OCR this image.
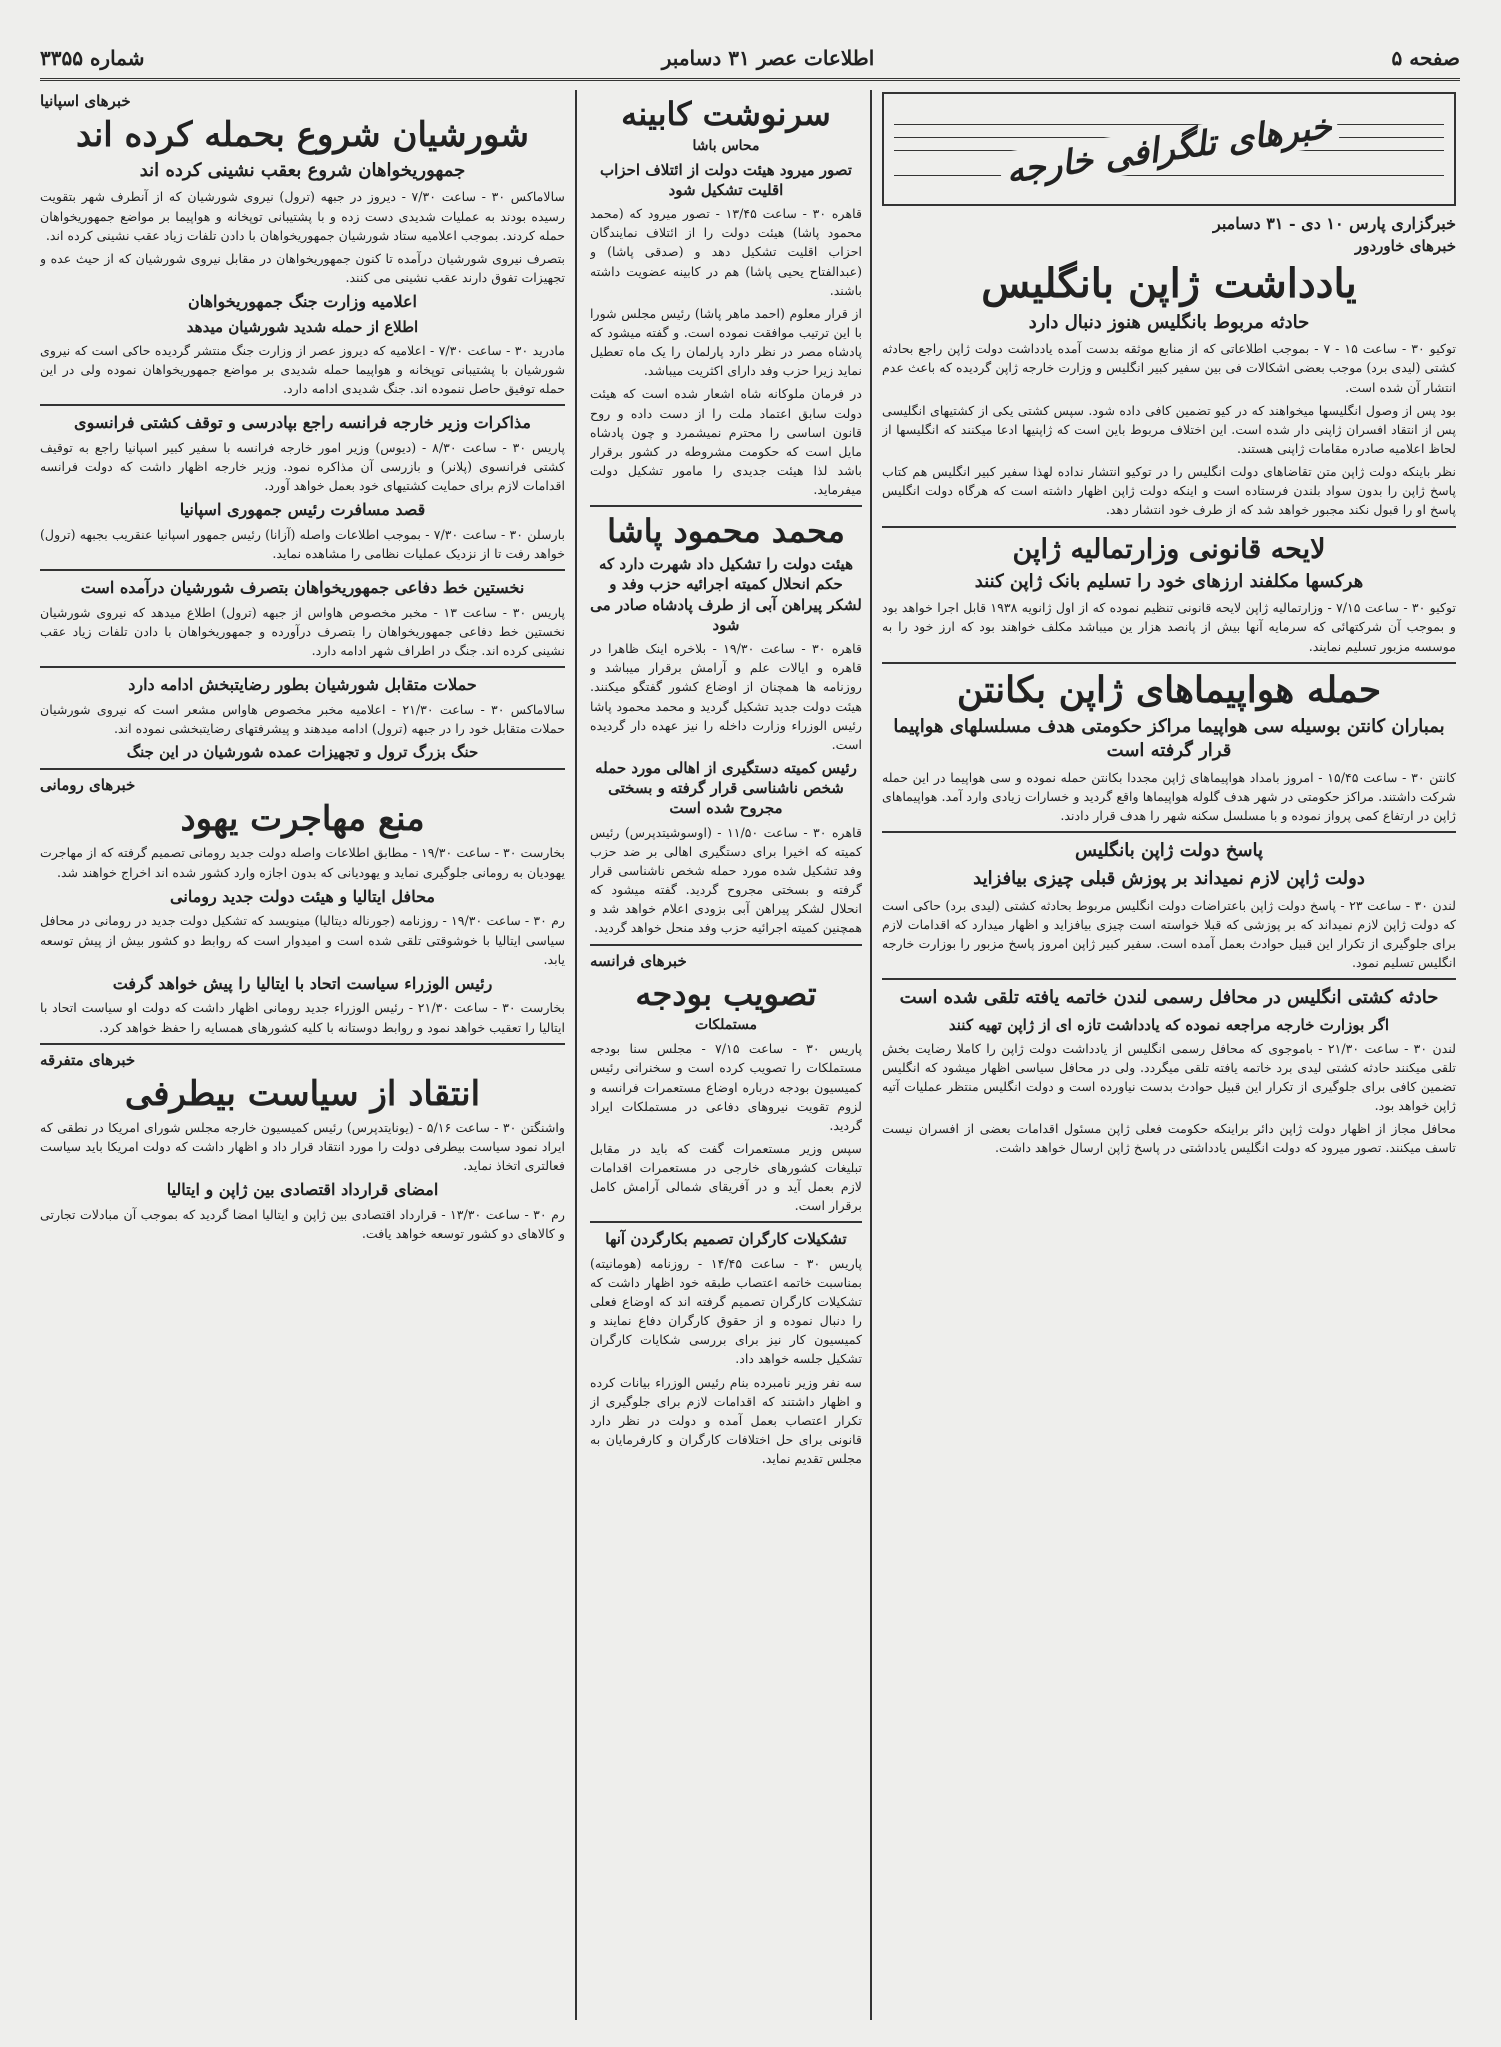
صفحه ۵
اطلاعات عصر ۳۱ دسامبر
شماره ۳۳۵۵
خبرهای تلگرافی خارجه
خبرگزاری پارس ۱۰ دی - ۳۱ دسامبر
خبرهای خاوردور
یادداشت ژاپن بانگلیس
حادثه مربوط بانگلیس هنوز دنبال دارد

توکیو ۳۰ - ساعت ۱۵ - ۷ - بموجب اطلاعاتی که از منابع موثقه بدست آمده یادداشت دولت ژاپن راجع بحادثه کشتی (لیدی برد) موجب بعضی اشکالات فی بین سفیر کبیر انگلیس و وزارت خارجه ژاپن گردیده که باعث عدم انتشار آن شده است.

بود پس از وصول انگلیسها میخواهند که در کیو تضمین کافی داده شود. سپس کشتی یکی از کشتیهای انگلیسی پس از انتقاد افسران ژاپنی دار شده است. این اختلاف مربوط باین است که ژاپنیها ادعا میکنند که انگلیسها از لحاظ اعلامیه صادره مقامات ژاپنی هستند.

نظر باینکه دولت ژاپن متن تقاضاهای دولت انگلیس را در توکیو انتشار نداده لهذا سفیر کبیر انگلیس هم کتاب پاسخ ژاپن را بدون سواد بلندن فرستاده است و اینکه دولت ژاپن اظهار داشته است که هرگاه دولت انگلیس پاسخ او را قبول نکند مجبور خواهد شد که از طرف خود انتشار دهد.

لایحه قانونی وزارتمالیه ژاپن
هرکسها مکلفند ارزهای خود را تسلیم بانک ژاپن کنند

توکیو ۳۰ - ساعت ۷/۱۵ - وزارتمالیه ژاپن لایحه قانونی تنظیم نموده که از اول ژانویه ۱۹۳۸ قابل اجرا خواهد بود و بموجب آن شرکتهائی که سرمایه آنها بیش از پانصد هزار ین میباشد مکلف خواهند بود که ارز خود را به موسسه مزبور تسلیم نمایند.

حمله هواپیماهای ژاپن بکانتن
بمباران کانتن بوسیله سی هواپیما مراکز حکومتی هدف مسلسلهای هواپیما قرار گرفته است

کانتن ۳۰ - ساعت ۱۵/۴۵ - امروز بامداد هواپیماهای ژاپن مجددا بکانتن حمله نموده و سی هواپیما در این حمله شرکت داشتند. مراکز حکومتی در شهر هدف گلوله هواپیماها واقع گردید و خسارات زیادی وارد آمد. هواپیماهای ژاپن در ارتفاع کمی پرواز نموده و با مسلسل سکنه شهر را هدف قرار دادند.

پاسخ دولت ژاپن بانگلیس
دولت ژاپن لازم نمیداند بر پوزش قبلی چیزی بیافزاید

لندن ۳۰ - ساعت ۲۳ - پاسخ دولت ژاپن باعتراضات دولت انگلیس مربوط بحادثه کشتی (لیدی برد) حاکی است که دولت ژاپن لازم نمیداند که بر پوزشی که قبلا خواسته است چیزی بیافزاید و اظهار میدارد که اقدامات لازم برای جلوگیری از تکرار این قبیل حوادث بعمل آمده است. سفیر کبیر ژاپن امروز پاسخ مزبور را بوزارت خارجه انگلیس تسلیم نمود.

حادثه کشتی انگلیس در محافل رسمی لندن خاتمه یافته تلقی شده است
اگر بوزارت خارجه مراجعه نموده که یادداشت تازه ای از ژاپن تهیه کنند

لندن ۳۰ - ساعت ۲۱/۳۰ - باموجوی که محافل رسمی انگلیس از یادداشت دولت ژاپن را کاملا رضایت بخش تلقی میکنند حادثه کشتی لیدی برد خاتمه یافته تلقی میگردد. ولی در محافل سیاسی اظهار میشود که انگلیس تضمین کافی برای جلوگیری از تکرار این قبیل حوادث بدست نیاورده است و دولت انگلیس منتظر عملیات آتیه ژاپن خواهد بود.

محافل مجاز از اظهار دولت ژاپن دائر براینکه حکومت فعلی ژاپن مسئول اقدامات بعضی از افسران نیست تاسف میکنند. تصور میرود که دولت انگلیس یادداشتی در پاسخ ژاپن ارسال خواهد داشت.

سرنوشت کابینه
محاس باشا
تصور میرود هیئت دولت از ائتلاف احزاب اقلیت تشکیل شود

قاهره ۳۰ - ساعت ۱۳/۴۵ - تصور میرود که (محمد محمود پاشا) هیئت دولت را از ائتلاف نمایندگان احزاب اقلیت تشکیل دهد و (صدقی پاشا) و (عبدالفتاح یحیی پاشا) هم در کابینه عضویت داشته باشند.

از قرار معلوم (احمد ماهر پاشا) رئیس مجلس شورا با این ترتیب موافقت نموده است. و گفته میشود که پادشاه مصر در نظر دارد پارلمان را یک ماه تعطیل نماید زیرا حزب وفد دارای اکثریت میباشد.

در فرمان ملوکانه شاه اشعار شده است که هیئت دولت سابق اعتماد ملت را از دست داده و روح قانون اساسی را محترم نمیشمرد و چون پادشاه مایل است که حکومت مشروطه در کشور برقرار باشد لذا هیئت جدیدی را مامور تشکیل دولت میفرماید.

محمد محمود پاشا
هیئت دولت را تشکیل داد شهرت دارد که حکم انحلال کمیته اجرائیه حزب وفد و لشکر پیراهن آبی از طرف پادشاه صادر می شود

قاهره ۳۰ - ساعت ۱۹/۳۰ - بلاخره اینک ظاهرا در قاهره و ایالات علم و آرامش برقرار میباشد و روزنامه ها همچنان از اوضاع کشور گفتگو میکنند. هیئت دولت جدید تشکیل گردید و محمد محمود پاشا رئیس الوزراء وزارت داخله را نیز عهده دار گردیده است.

رئیس کمیته دستگیری از اهالی مورد حمله شخص ناشناسی قرار گرفته و بسختی مجروح شده است

قاهره ۳۰ - ساعت ۱۱/۵۰ - (اوسوشیتدپرس) رئیس کمیته که اخیرا برای دستگیری اهالی بر ضد حزب وفد تشکیل شده مورد حمله شخص ناشناسی قرار گرفته و بسختی مجروح گردید. گفته میشود که انحلال لشکر پیراهن آبی بزودی اعلام خواهد شد و همچنین کمیته اجرائیه حزب وفد منحل خواهد گردید.

خبرهای فرانسه
تصویب بودجه
مستملکات

پاریس ۳۰ - ساعت ۷/۱۵ - مجلس سنا بودجه مستملکات را تصویب کرده است و سخنرانی رئیس کمیسیون بودجه درباره اوضاع مستعمرات فرانسه و لزوم تقویت نیروهای دفاعی در مستملکات ایراد گردید.

سپس وزیر مستعمرات گفت که باید در مقابل تبلیغات کشورهای خارجی در مستعمرات اقدامات لازم بعمل آید و در آفریقای شمالی آرامش کامل برقرار است.

تشکیلات کارگران تصمیم بکارگردن آنها

پاریس ۳۰ - ساعت ۱۴/۴۵ - روزنامه (هومانیته) بمناسبت خاتمه اعتصاب طبقه خود اظهار داشت که تشکیلات کارگران تصمیم گرفته اند که اوضاع فعلی را دنبال نموده و از حقوق کارگران دفاع نمایند و کمیسیون کار نیز برای بررسی شکایات کارگران تشکیل جلسه خواهد داد.

سه نفر وزیر نامبرده بنام رئیس الوزراء بیانات کرده و اظهار داشتند که اقدامات لازم برای جلوگیری از تکرار اعتصاب بعمل آمده و دولت در نظر دارد قانونی برای حل اختلافات کارگران و کارفرمایان به مجلس تقدیم نماید.

خبرهای اسپانیا
شورشیان شروع بحمله کرده اند
جمهوریخواهان شروع بعقب نشینی کرده اند

سالاماکس ۳۰ - ساعت ۷/۳۰ - دیروز در جبهه (ترول) نیروی شورشیان که از آنطرف شهر بتقویت رسیده بودند به عملیات شدیدی دست زده و با پشتیبانی توپخانه و هواپیما بر مواضع جمهوریخواهان حمله کردند. بموجب اعلامیه ستاد شورشیان جمهوریخواهان با دادن تلفات زیاد عقب نشینی کرده اند.

بتصرف نیروی شورشیان درآمده تا کنون جمهوریخواهان در مقابل نیروی شورشیان که از حیث عده و تجهیزات تفوق دارند عقب نشینی می کنند.

اعلامیه وزارت جنگ جمهوریخواهان
اطلاع از حمله شدید شورشیان میدهد

مادرید ۳۰ - ساعت ۷/۳۰ - اعلامیه که دیروز عصر از وزارت جنگ منتشر گردیده حاکی است که نیروی شورشیان با پشتیبانی توپخانه و هواپیما حمله شدیدی بر مواضع جمهوریخواهان نموده ولی در این حمله توفیق حاصل ننموده اند. جنگ شدیدی ادامه دارد.

مذاکرات وزیر خارجه فرانسه راجع بپادرسی و توقف کشتی فرانسوی

پاریس ۳۰ - ساعت ۸/۳۰ - (دیوس) وزیر امور خارجه فرانسه با سفیر کبیر اسپانیا راجع به توقیف کشتی فرانسوی (پلانر) و بازرسی آن مذاکره نمود. وزیر خارجه اظهار داشت که دولت فرانسه اقدامات لازم برای حمایت کشتیهای خود بعمل خواهد آورد.

قصد مسافرت رئیس جمهوری اسپانیا

بارسلن ۳۰ - ساعت ۷/۳۰ - بموجب اطلاعات واصله (آزانا) رئیس جمهور اسپانیا عنقریب بجبهه (ترول) خواهد رفت تا از نزدیک عملیات نظامی را مشاهده نماید.

نخستین خط دفاعی جمهوریخواهان بتصرف شورشیان درآمده است

پاریس ۳۰ - ساعت ۱۳ - مخبر مخصوص هاواس از جبهه (ترول) اطلاع میدهد که نیروی شورشیان نخستین خط دفاعی جمهوریخواهان را بتصرف درآورده و جمهوریخواهان با دادن تلفات زیاد عقب نشینی کرده اند. جنگ در اطراف شهر ادامه دارد.

حملات متقابل شورشیان بطور رضایتبخش ادامه دارد

سالاماکس ۳۰ - ساعت ۲۱/۳۰ - اعلامیه مخبر مخصوص هاواس مشعر است که نیروی شورشیان حملات متقابل خود را در جبهه (ترول) ادامه میدهند و پیشرفتهای رضایتبخشی نموده اند.

حنگ بزرگ ترول و تجهیزات عمده شورشیان در این جنگ
خبرهای رومانی
منع مهاجرت یهود

بخارست ۳۰ - ساعت ۱۹/۳۰ - مطابق اطلاعات واصله دولت جدید رومانی تصمیم گرفته که از مهاجرت یهودیان به رومانی جلوگیری نماید و یهودیانی که بدون اجازه وارد کشور شده اند اخراج خواهند شد.

محافل ایتالیا و هیئت دولت جدید رومانی

رم ۳۰ - ساعت ۱۹/۳۰ - روزنامه (جورناله دیتالیا) مینویسد که تشکیل دولت جدید در رومانی در محافل سیاسی ایتالیا با خوشوقتی تلقی شده است و امیدوار است که روابط دو کشور بیش از پیش توسعه یابد.

رئیس الوزراء سیاست اتحاد با ایتالیا را پیش خواهد گرفت

بخارست ۳۰ - ساعت ۲۱/۳۰ - رئیس الوزراء جدید رومانی اظهار داشت که دولت او سیاست اتحاد با ایتالیا را تعقیب خواهد نمود و روابط دوستانه با کلیه کشورهای همسایه را حفظ خواهد کرد.

خبرهای متفرقه
انتقاد از سیاست بیطرفی

واشنگتن ۳۰ - ساعت ۵/۱۶ - (یونایتدپرس) رئیس کمیسیون خارجه مجلس شورای امریکا در نطقی که ایراد نمود سیاست بیطرفی دولت را مورد انتقاد قرار داد و اظهار داشت که دولت امریکا باید سیاست فعالتری اتخاذ نماید.

امضای قرارداد اقتصادی بین ژاپن و ایتالیا

رم ۳۰ - ساعت ۱۳/۳۰ - قرارداد اقتصادی بین ژاپن و ایتالیا امضا گردید که بموجب آن مبادلات تجارتی و کالاهای دو کشور توسعه خواهد یافت.
